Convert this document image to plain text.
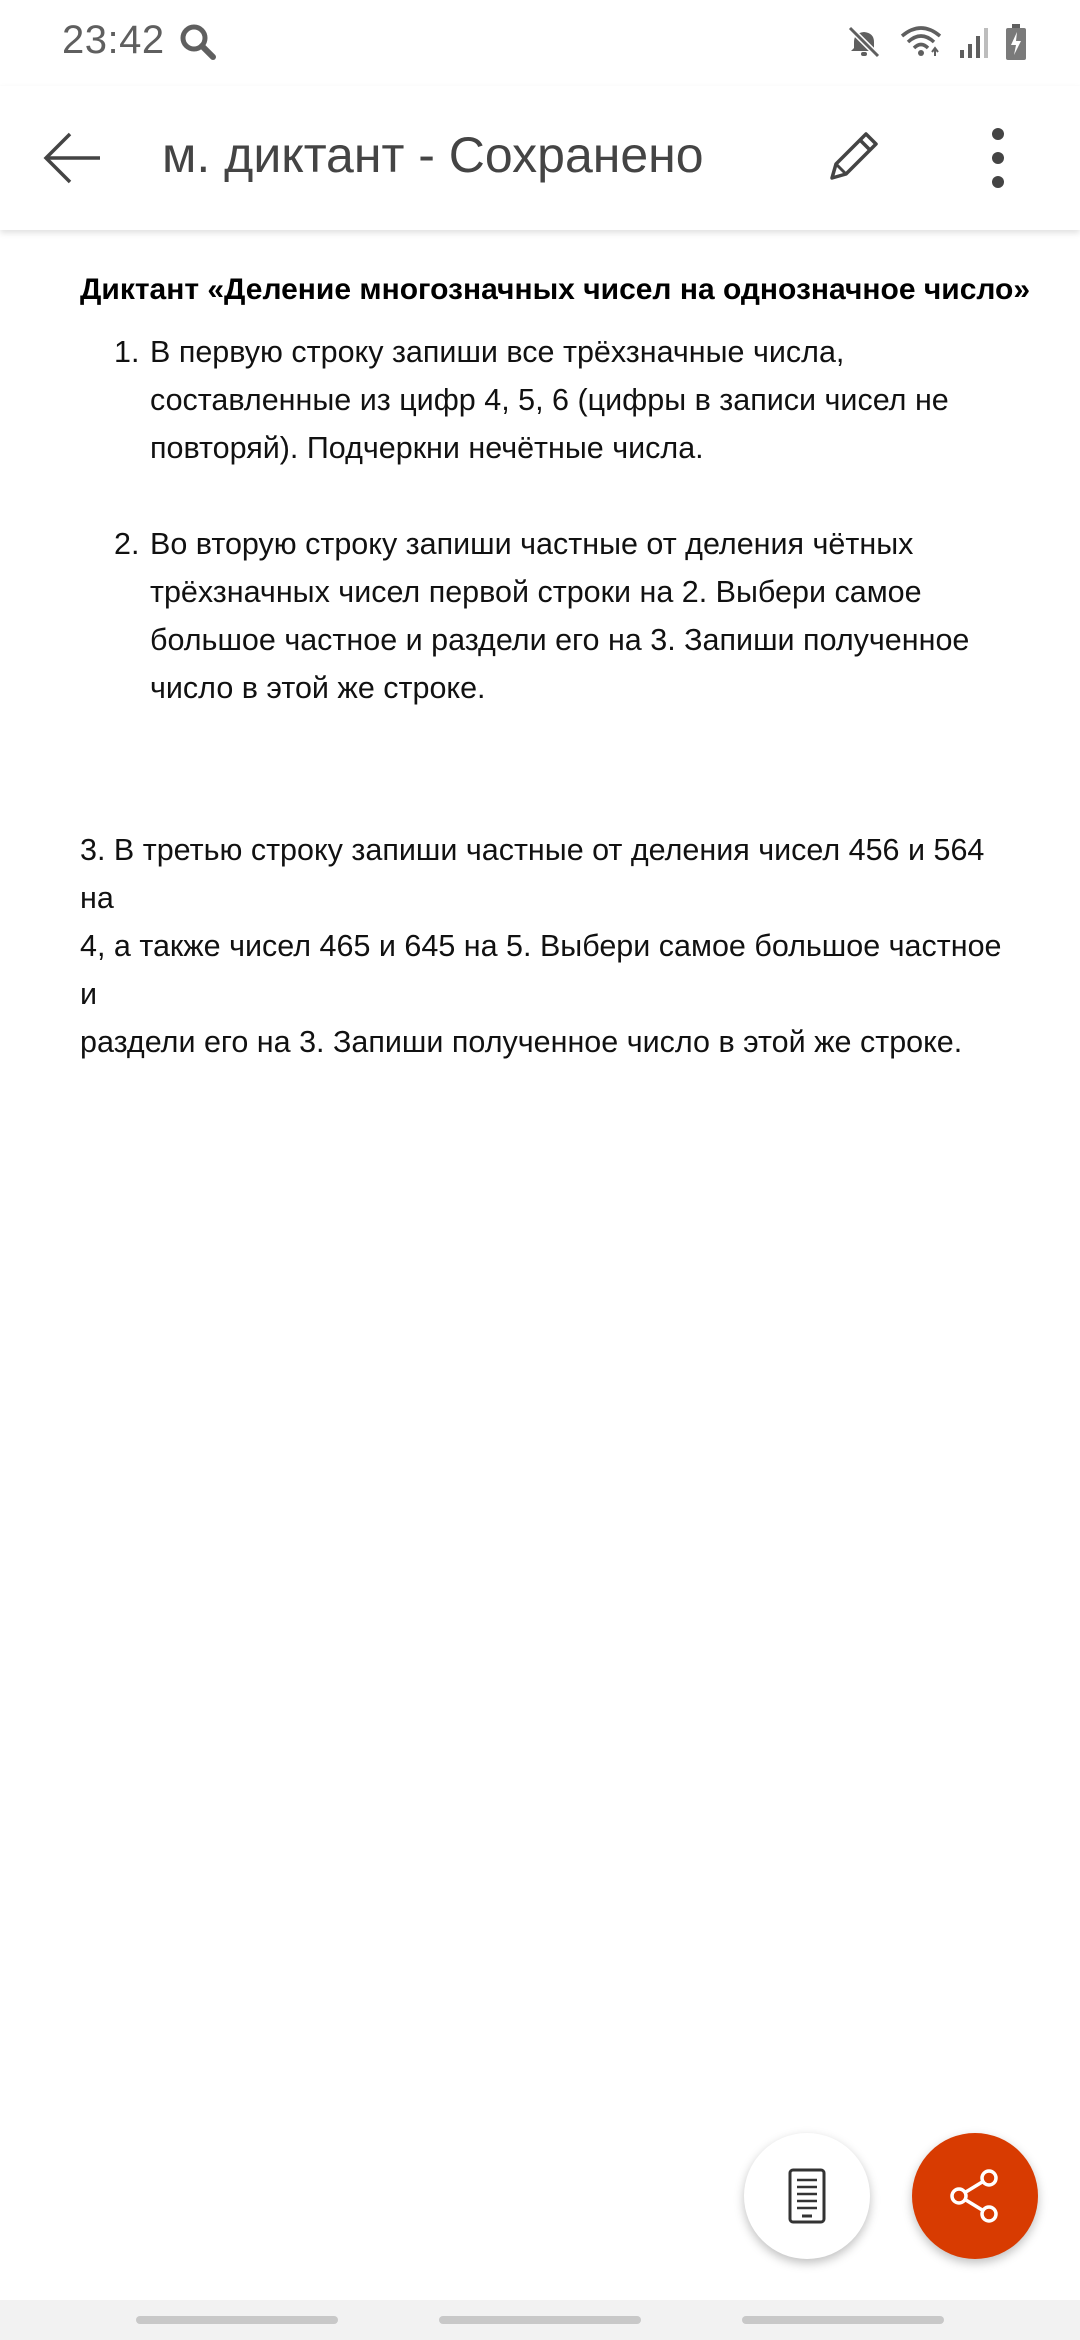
23:42
м. диктант - Сохранено
Диктант «Деление многозначных чисел на однозначное число»
1. В первую строку запиши все трёхзначные числа,
составленные из цифр 4, 5, 6 (цифры в записи чисел не
повторяй). Подчеркни нечётные числа.
2. Во вторую строку запиши частные от деления чётных
трёхзначных чисел первой строки на 2. Выбери самое
большое частное и раздели его на 3. Запиши полученное
число в этой же строке.
3. В третью строку запиши частные от деления чисел 456 и 564 на
4, а также чисел 465 и 645 на 5. Выбери самое большое частное и
раздели его на 3. Запиши полученное число в этой же строке.
